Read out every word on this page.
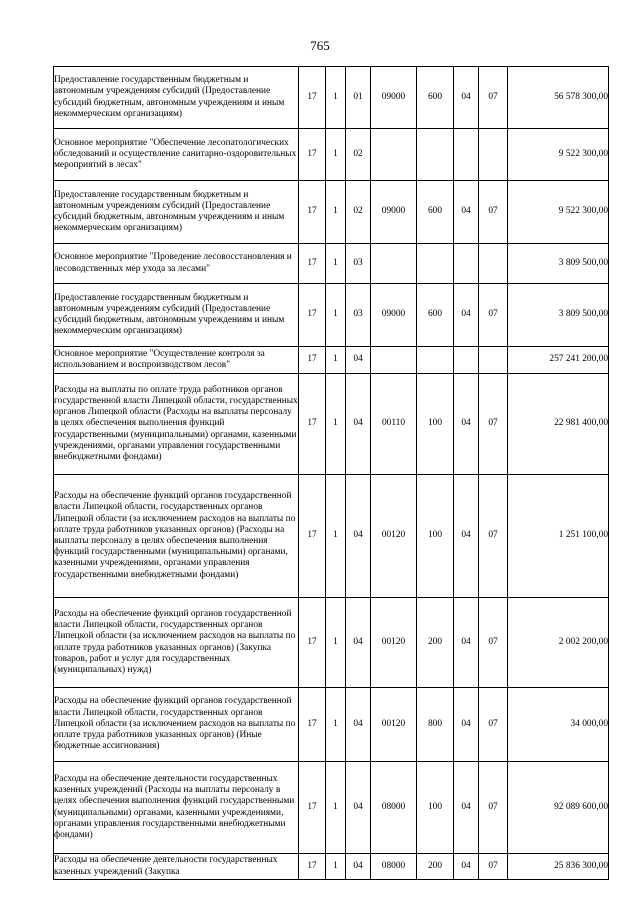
765
Предоставление государственным бюджетным и автономным учреждениям субсидий (Предоставление субсидий бюджетным, автономным учреждениям и иным некоммерческим организациям)	17	1	01	09000	600	04	07	56 578 300,00
Основное мероприятие "Обеспечение лесопатологических обследований и осуществление санитарно-оздоровительных мероприятий в лесах"	17	1	02					9 522 300,00
Предоставление государственным бюджетным и автономным учреждениям субсидий (Предоставление субсидий бюджетным, автономным учреждениям и иным некоммерческим организациям)	17	1	02	09000	600	04	07	9 522 300,00
Основное мероприятие "Проведение лесовосстановления и лесоводственных мер ухода за лесами"	17	1	03					3 809 500,00
Предоставление государственным бюджетным и автономным учреждениям субсидий (Предоставление субсидий бюджетным, автономным учреждениям и иным некоммерческим организациям)	17	1	03	09000	600	04	07	3 809 500,00
Основное мероприятие "Осуществление контроля за использованием и воспроизводством лесов"	17	1	04					257 241 200,00
Расходы на выплаты по оплате труда работников органов государственной власти Липецкой области, государственных органов Липецкой области (Расходы на выплаты персоналу в целях обеспечения выполнения функций государственными (муниципальными) органами, казенными учреждениями, органами управления государственными внебюджетными фондами)	17	1	04	00110	100	04	07	22 981 400,00
Расходы на обеспечение функций органов государственной власти Липецкой области, государственных органов Липецкой области (за исключением расходов на выплаты по оплате труда работников указанных органов) (Расходы на выплаты персоналу в целях обеспечения выполнения функций государственными (муниципальными) органами, казенными учреждениями, органами управления государственными внебюджетными фондами)	17	1	04	00120	100	04	07	1 251 100,00
Расходы на обеспечение функций органов государственной власти Липецкой области, государственных органов Липецкой области (за исключением расходов на выплаты по оплате труда работников указанных органов) (Закупка товаров, работ и услуг для государственных (муниципальных) нужд)	17	1	04	00120	200	04	07	2 002 200,00
Расходы на обеспечение функций органов государственной власти Липецкой области, государственных органов Липецкой области (за исключением расходов на выплаты по оплате труда работников указанных органов) (Иные бюджетные ассигнования)	17	1	04	00120	800	04	07	34 000,00
Расходы на обеспечение деятельности государственных казенных учреждений (Расходы на выплаты персоналу в целях обеспечения выполнения функций государственными (муниципальными) органами, казенными учреждениями, органами управления государственными внебюджетными фондами)	17	1	04	08000	100	04	07	92 089 600,00
Расходы на обеспечение деятельности государственных казенных учреждений (Закупка	17	1	04	08000	200	04	07	25 836 300,00
